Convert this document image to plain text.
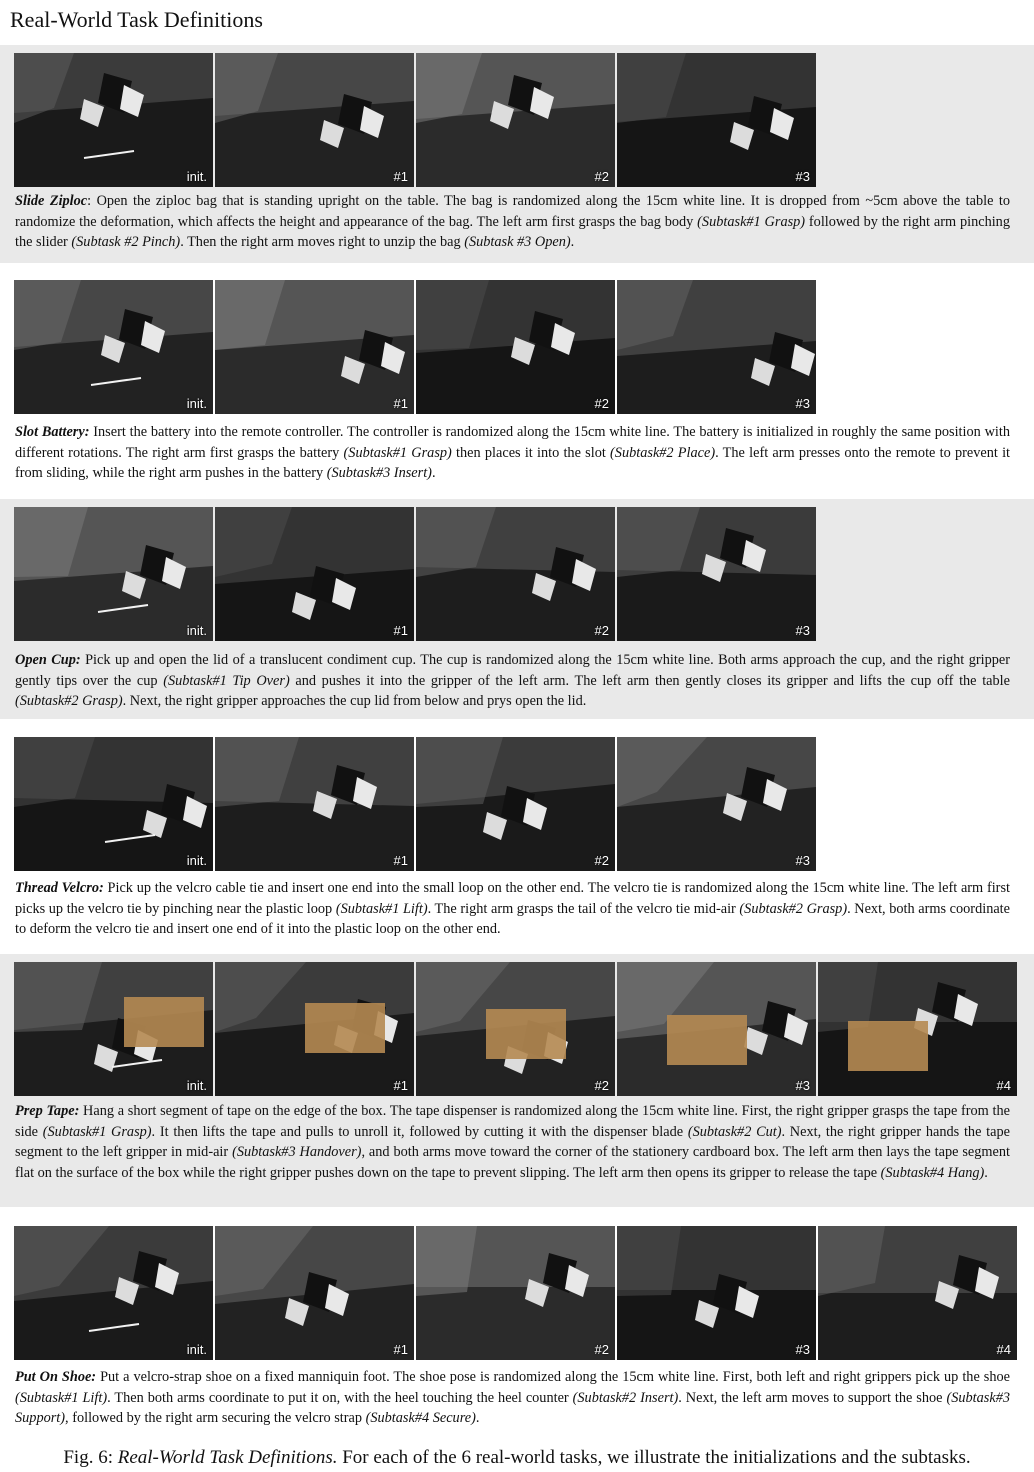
Real-World Task Definitions
init.	#1	#2	#3
Slide Ziploc: Open the ziploc bag that is standing upright on the table. The bag is randomized along the 15cm white line. It is dropped from ~5cm above the table to randomize the deformation, which affects the height and appearance of the bag. The left arm first grasps the bag body (Subtask#1 Grasp) followed by the right arm pinching the slider (Subtask #2 Pinch). Then the right arm moves right to unzip the bag (Subtask #3 Open).
init.	#1	#2	#3
Slot Battery: Insert the battery into the remote controller. The controller is randomized along the 15cm white line. The battery is initialized in roughly the same position with different rotations. The right arm first grasps the battery (Subtask#1 Grasp) then places it into the slot (Subtask#2 Place). The left arm presses onto the remote to prevent it from sliding, while the right arm pushes in the battery (Subtask#3 Insert).
init.	#1	#2	#3
Open Cup: Pick up and open the lid of a translucent condiment cup. The cup is randomized along the 15cm white line. Both arms approach the cup, and the right gripper gently tips over the cup (Subtask#1 Tip Over) and pushes it into the gripper of the left arm. The left arm then gently closes its gripper and lifts the cup off the table (Subtask#2 Grasp). Next, the right gripper approaches the cup lid from below and prys open the lid.
init.	#1	#2	#3
Thread Velcro: Pick up the velcro cable tie and insert one end into the small loop on the other end. The velcro tie is randomized along the 15cm white line. The left arm first picks up the velcro tie by pinching near the plastic loop (Subtask#1 Lift). The right arm grasps the tail of the velcro tie mid-air (Subtask#2 Grasp). Next, both arms coordinate to deform the velcro tie and insert one end of it into the plastic loop on the other end.
init.	#1	#2	#3	#4
Prep Tape: Hang a short segment of tape on the edge of the box. The tape dispenser is randomized along the 15cm white line. First, the right gripper grasps the tape from the side (Subtask#1 Grasp). It then lifts the tape and pulls to unroll it, followed by cutting it with the dispenser blade (Subtask#2 Cut). Next, the right gripper hands the tape segment to the left gripper in mid-air (Subtask#3 Handover), and both arms move toward the corner of the stationery cardboard box. The left arm then lays the tape segment flat on the surface of the box while the right gripper pushes down on the tape to prevent slipping. The left arm then opens its gripper to release the tape (Subtask#4 Hang).
init.	#1	#2	#3	#4
Put On Shoe: Put a velcro-strap shoe on a fixed manniquin foot. The shoe pose is randomized along the 15cm white line. First, both left and right grippers pick up the shoe (Subtask#1 Lift). Then both arms coordinate to put it on, with the heel touching the heel counter (Subtask#2 Insert). Next, the left arm moves to support the shoe (Subtask#3 Support), followed by the right arm securing the velcro strap (Subtask#4 Secure).
Fig. 6: Real-World Task Definitions. For each of the 6 real-world tasks, we illustrate the initializations and the subtasks.
